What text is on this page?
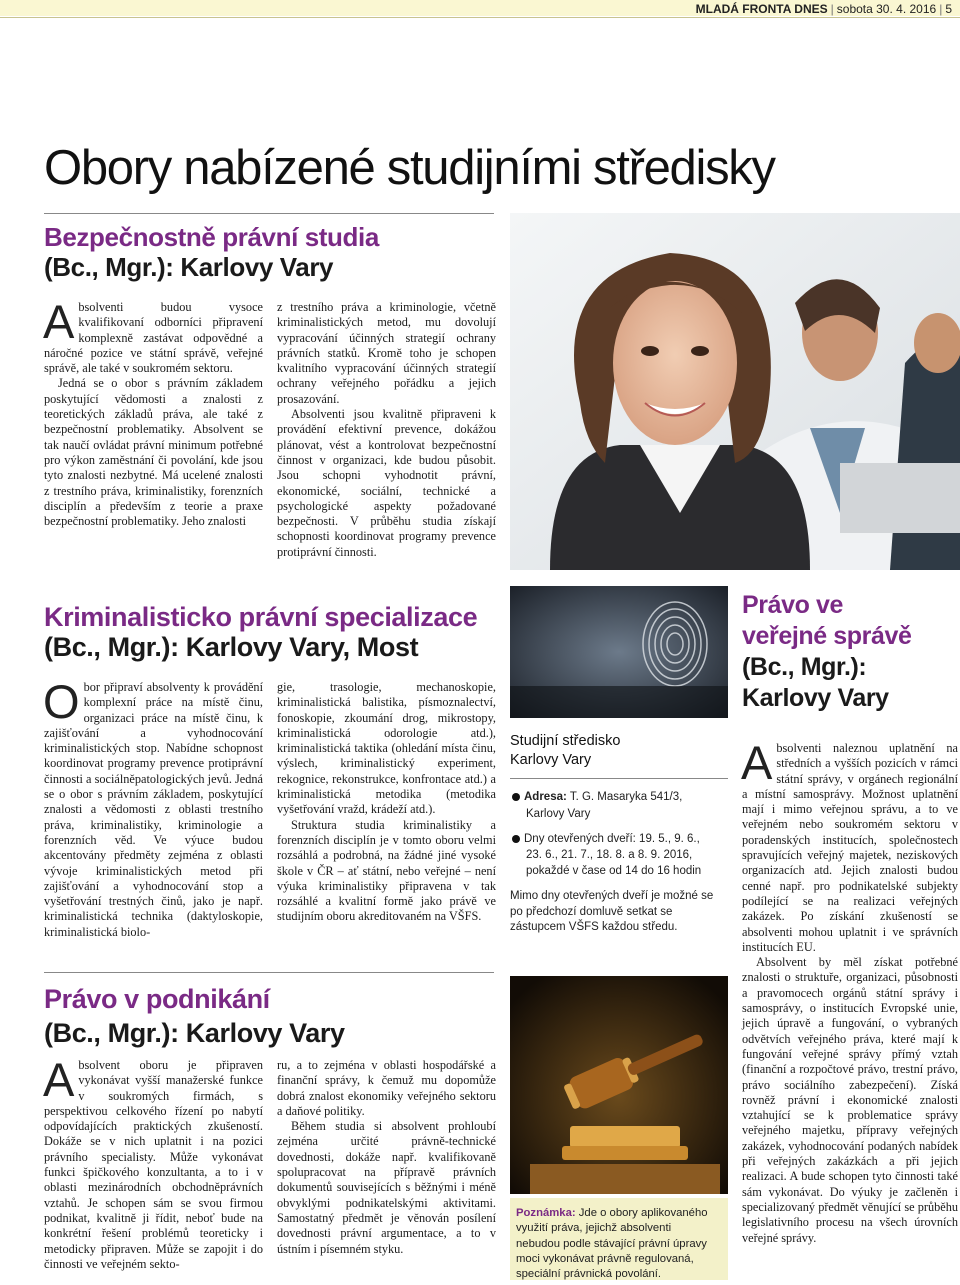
MLADÁ FRONTA DNES | sobota 30. 4. 2016 | 5
Obory nabízené studijními středisky
Bezpečnostně právní studia
(Bc., Mgr.): Karlovy Vary

Absolventi budou vysoce kvalifikovaní odborníci připravení komplexně zastávat odpovědné a náročné pozice ve státní správě, veřejné správě, ale také v soukromém sektoru.

Jedná se o obor s právním základem poskytující vědomosti a znalosti z teoretických základů práva, ale také z bezpečnostní problematiky. Absolvent se tak naučí ovládat právní minimum potřebné pro výkon zaměstnání či povolání, kde jsou tyto znalosti nezbytné. Má ucelené znalosti z trestního práva, kriminalistiky, forenzních disciplín a především z teorie a praxe bezpečnostní problematiky. Jeho znalosti

z trestního práva a kriminologie, včetně kriminalistických metod, mu dovolují vypracování účinných strategií ochrany právních statků. Kromě toho je schopen kvalitního vypracování účinných strategií ochrany veřejného pořádku a jejich prosazování.

Absolventi jsou kvalitně připraveni k provádění efektivní prevence, dokážou plánovat, vést a kontrolovat bezpečnostní činnost v organizaci, kde budou působit. Jsou schopni vyhodnotit právní, ekonomické, sociální, technické a psychologické aspekty požadované bezpečnosti. V průběhu studia získají schopnosti koordinovat programy prevence protiprávní činnosti.

Kriminalisticko právní specializace
(Bc., Mgr.): Karlovy Vary, Most

Obor připraví absolventy k provádění komplexní práce na místě činu, organizaci práce na místě činu, k zajišťování a vyhodnocování kriminalistických stop. Nabídne schopnost koordinovat programy prevence protiprávní činnosti a sociálněpatologických jevů. Jedná se o obor s právním základem, poskytující znalosti a vědomosti z oblasti trestního práva, kriminalistiky, kriminologie a forenzních věd. Ve výuce budou akcentovány předměty zejména z oblasti vývoje kriminalistických metod při zajišťování a vyhodnocování stop a vyšetřování trestných činů, jako je např. kriminalistická technika (daktyloskopie, kriminalistická biolo-

gie, trasologie, mechanoskopie, kriminalistická balistika, písmoznalectví, fonoskopie, zkoumání drog, mikrostopy, kriminalistická odorologie atd.), kriminalistická taktika (ohledání místa činu, výslech, kriminalistický experiment, rekognice, rekonstrukce, konfrontace atd.) a kriminalistická metodika (metodika vyšetřování vražd, krádeží atd.).

Struktura studia kriminalistiky a forenzních disciplín je v tomto oboru velmi rozsáhlá a podrobná, na žádné jiné vysoké škole v ČR – ať státní, nebo veřejné – není výuka kriminalistiky připravena v tak rozsáhlé a kvalitní formě jako právě ve studijním oboru akreditovaném na VŠFS.

Studijní středisko
Karlovy Vary
Adresa: T. G. Masaryka 541/3,
Karlovy Vary
Dny otevřených dveří: 19. 5., 9. 6.,
23. 6., 21. 7., 18. 8. a 8. 9. 2016,
pokaždé v čase od 14 do 16 hodin
Mimo dny otevřených dveří je možné se po předchozí domluvě setkat se zástupcem VŠFS každou středu.
Právo v podnikání
(Bc., Mgr.): Karlovy Vary

Absolvent oboru je připraven vykonávat vyšší manažerské funkce v soukromých firmách, s perspektivou celkového řízení po nabytí odpovídajících praktických zkušeností. Dokáže se v nich uplatnit i na pozici právního specialisty. Může vykonávat funkci špičkového konzultanta, a to i v oblasti mezinárodních obchodněprávních vztahů. Je schopen sám se svou firmou podnikat, kvalitně ji řídit, neboť bude na konkrétní řešení problémů teoreticky i metodicky připraven. Může se zapojit i do činnosti ve veřejném sekto-

ru, a to zejména v oblasti hospodářské a finanční správy, k čemuž mu dopomůže dobrá znalost ekonomiky veřejného sektoru a daňové politiky.

Během studia si absolvent prohloubí zejména určité právně-technické dovednosti, dokáže např. kvalifikovaně spolupracovat na přípravě právních dokumentů souvisejících s běžnými i méně obvyklými podnikatelskými aktivitami. Samostatný předmět je věnován posílení dovednosti právní argumentace, a to v ústním i písemném styku.

Poznámka: Jde o obory aplikovaného využití práva, jejichž absolventi nebudou podle stávající právní úpravy moci vykonávat právně regulovaná, speciální právnická povolání.
Právo ve
veřejné správě
(Bc., Mgr.):
Karlovy Vary

Absolventi naleznou uplatnění na středních a vyšších pozicích v rámci státní správy, v orgánech regionální a místní samosprávy. Možnost uplatnění mají i mimo veřejnou správu, a to ve veřejném nebo soukromém sektoru v poradenských institucích, společnostech spravujících veřejný majetek, neziskových organizacích atd. Jejich znalosti budou cenné např. pro podnikatelské subjekty podílející se na realizaci veřejných zakázek. Po získání zkušeností se absolventi mohou uplatnit i ve správních institucích EU.

Absolvent by měl získat potřebné znalosti o struktuře, organizaci, působnosti a pravomocech orgánů státní správy i samosprávy, o institucích Evropské unie, jejich úpravě a fungování, o vybraných odvětvích veřejného práva, které mají k fungování veřejné správy přímý vztah (finanční a rozpočtové právo, trestní právo, právo sociálního zabezpečení). Získá rovněž právní i ekonomické znalosti vztahující se k problematice správy veřejného majetku, přípravy veřejných zakázek, vyhodnocování podaných nabídek při veřejných zakázkách a při jejich realizaci. A bude schopen tyto činnosti také sám vykonávat. Do výuky je začleněn i specializovaný předmět věnující se průběhu legislativního procesu na všech úrovních veřejné správy.
